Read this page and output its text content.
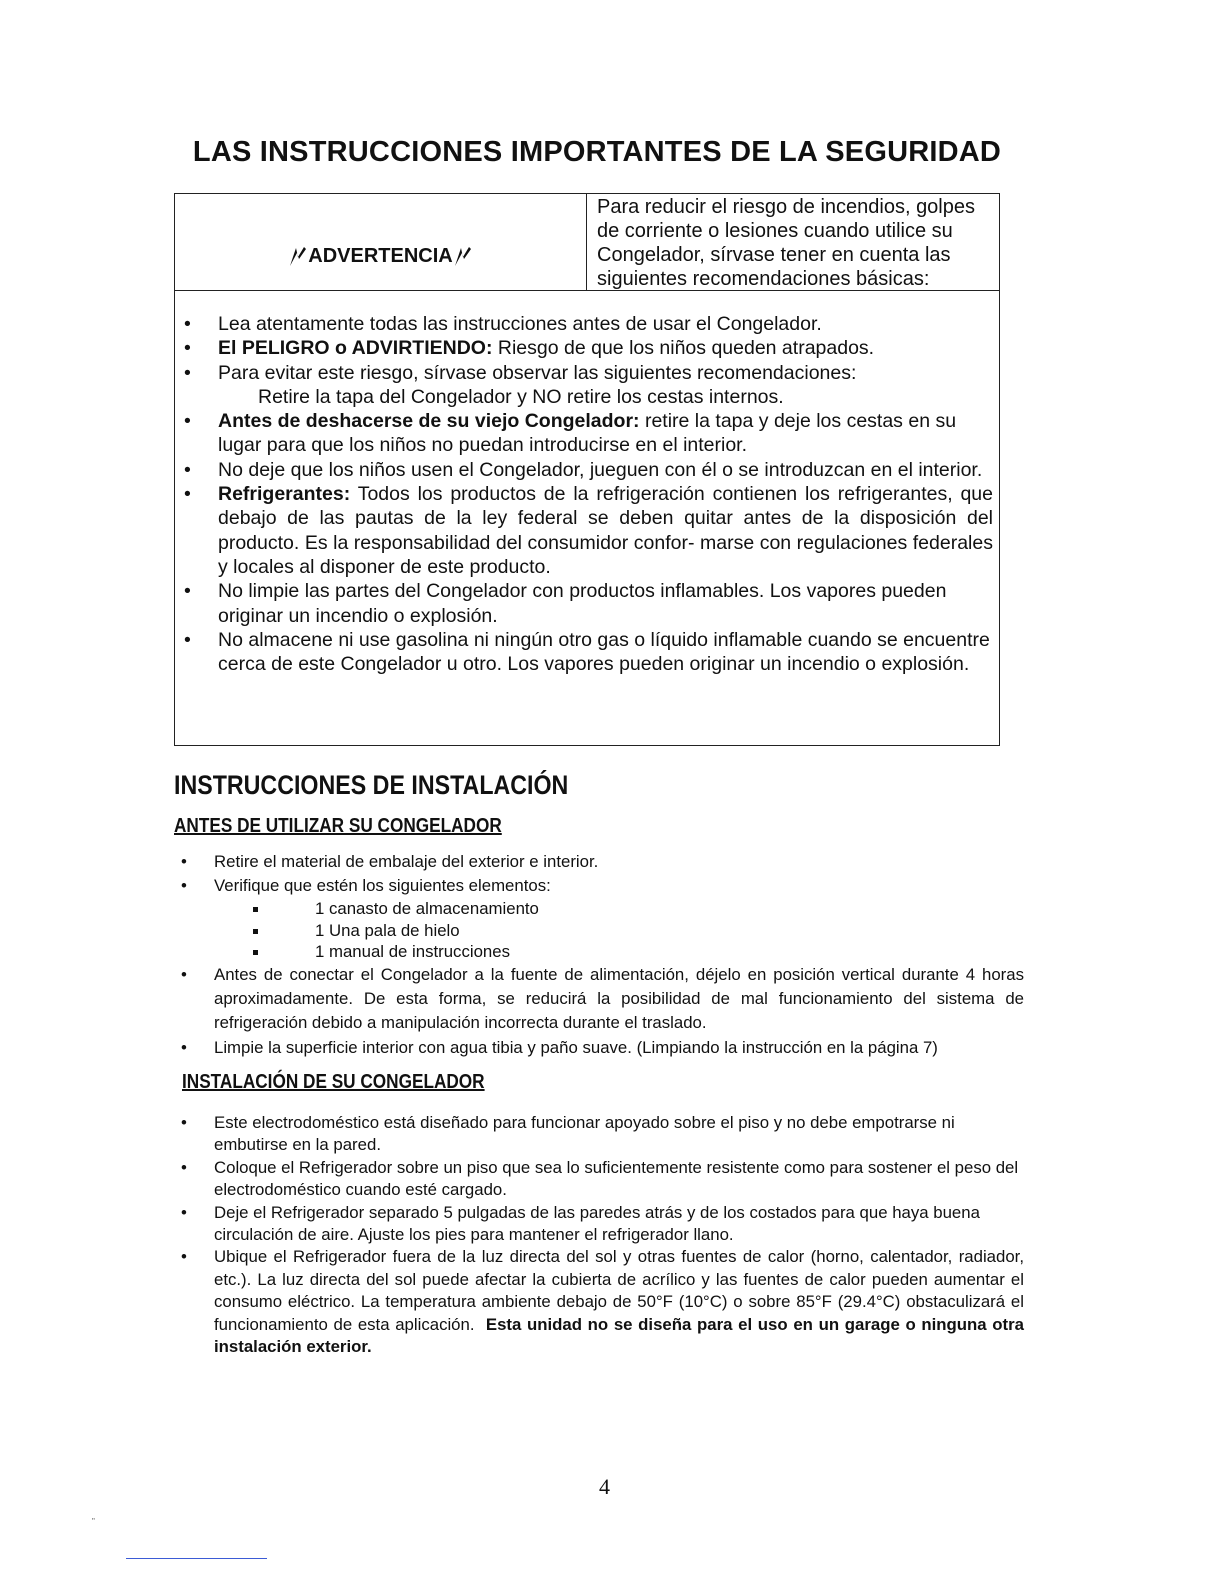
LAS INSTRUCCIONES IMPORTANTES DE LA SEGURIDAD
ADVERTENCIA
Para reducir el riesgo de incendios, golpes de corriente o lesiones cuando utilice su Congelador, sírvase tener en cuenta las siguientes recomendaciones básicas:
• Lea atentamente todas las instrucciones antes de usar el Congelador.
• El PELIGRO o ADVIRTIENDO: Riesgo de que los niños queden atrapados.
• Para evitar este riesgo, sírvase observar las siguientes recomendaciones:
Retire la tapa del Congelador y NO retire los cestas internos.
• Antes de deshacerse de su viejo Congelador: retire la tapa y deje los cestas en su lugar para que los niños no puedan introducirse en el interior.
• No deje que los niños usen el Congelador, jueguen con él o se introduzcan en el interior.
• Refrigerantes: Todos los productos de la refrigeración contienen los refrigerantes, que debajo de las pautas de la ley federal se deben quitar antes de la disposición del producto. Es la responsabilidad del consumidor confor- marse con regulaciones federales y locales al disponer de este producto.
• No limpie las partes del Congelador con productos inflamables. Los vapores pueden originar un incendio o explosión.
• No almacene ni use gasolina ni ningún otro gas o líquido inflamable cuando se encuentre cerca de este Congelador u otro. Los vapores pueden originar un incendio o explosión.
INSTRUCCIONES DE INSTALACIÓN
ANTES DE UTILIZAR SU CONGELADOR
• Retire el material de embalaje del exterior e interior.
• Verifique que estén los siguientes elementos:
1 canasto de almacenamiento
1 Una pala de hielo
1 manual de instrucciones
• Antes de conectar el Congelador a la fuente de alimentación, déjelo en posición vertical durante 4 horas aproximadamente. De esta forma, se reducirá la posibilidad de mal funcionamiento del sistema de refrigeración debido a manipulación incorrecta durante el traslado.
• Limpie la superficie interior con agua tibia y paño suave. (Limpiando la instrucción en la página 7)
INSTALACIÓN DE SU CONGELADOR
• Este electrodoméstico está diseñado para funcionar apoyado sobre el piso y no debe empotrarse ni embutirse en la pared.
• Coloque el Refrigerador sobre un piso que sea lo suficientemente resistente como para sostener el peso del electrodoméstico cuando esté cargado.
• Deje el Refrigerador separado 5 pulgadas de las paredes atrás y de los costados para que haya buena circulación de aire. Ajuste los pies para mantener el refrigerador llano.
• Ubique el Refrigerador fuera de la luz directa del sol y otras fuentes de calor (horno, calentador, radiador, etc.). La luz directa del sol puede afectar la cubierta de acrílico y las fuentes de calor pueden aumentar el consumo eléctrico. La temperatura ambiente debajo de 50°F (10°C) o sobre 85°F (29.4°C) obstaculizará el funcionamiento de esta aplicación. Esta unidad no se diseña para el uso en un garage o ninguna otra instalación exterior.
4
"
